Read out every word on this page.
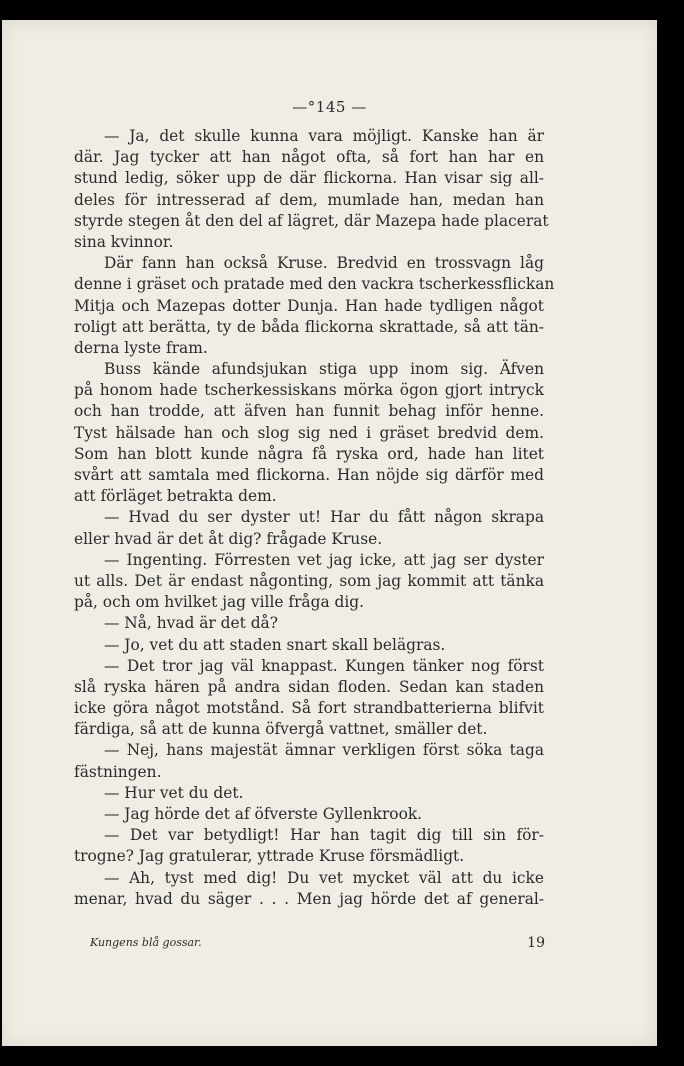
—°145 —
— Ja, det skulle kunna vara möjligt. Kanske han är
där. Jag tycker att han något ofta, så fort han har en
stund ledig, söker upp de där flickorna. Han visar sig all-
deles för intresserad af dem, mumlade han, medan han
styrde stegen åt den del af lägret, där Mazepa hade placerat
sina kvinnor.
Där fann han också Kruse. Bredvid en trossvagn låg
denne i gräset och pratade med den vackra tscherkessflickan
Mitja och Mazepas dotter Dunja. Han hade tydligen något
roligt att berätta, ty de båda flickorna skrattade, så att tän-
derna lyste fram.
Buss kände afundsjukan stiga upp inom sig. Äfven
på honom hade tscherkessiskans mörka ögon gjort intryck
och han trodde, att äfven han funnit behag inför henne.
Tyst hälsade han och slog sig ned i gräset bredvid dem.
Som han blott kunde några få ryska ord, hade han litet
svårt att samtala med flickorna. Han nöjde sig därför med
att förläget betrakta dem.
— Hvad du ser dyster ut! Har du fått någon skrapa
eller hvad är det åt dig? frågade Kruse.
— Ingenting. Förresten vet jag icke, att jag ser dyster
ut alls. Det är endast någonting, som jag kommit att tänka
på, och om hvilket jag ville fråga dig.
— Nå, hvad är det då?
— Jo, vet du att staden snart skall belägras.
— Det tror jag väl knappast. Kungen tänker nog först
slå ryska hären på andra sidan floden. Sedan kan staden
icke göra något motstånd. Så fort strandbatterierna blifvit
färdiga, så att de kunna öfvergå vattnet, smäller det.
— Nej, hans majestät ämnar verkligen först söka taga
fästningen.
— Hur vet du det.
— Jag hörde det af öfverste Gyllenkrook.
— Det var betydligt! Har han tagit dig till sin för-
trogne? Jag gratulerar, yttrade Kruse försmädligt.
— Ah, tyst med dig! Du vet mycket väl att du icke
menar, hvad du säger . . . Men jag hörde det af general-
Kungens blå gossar.	19
